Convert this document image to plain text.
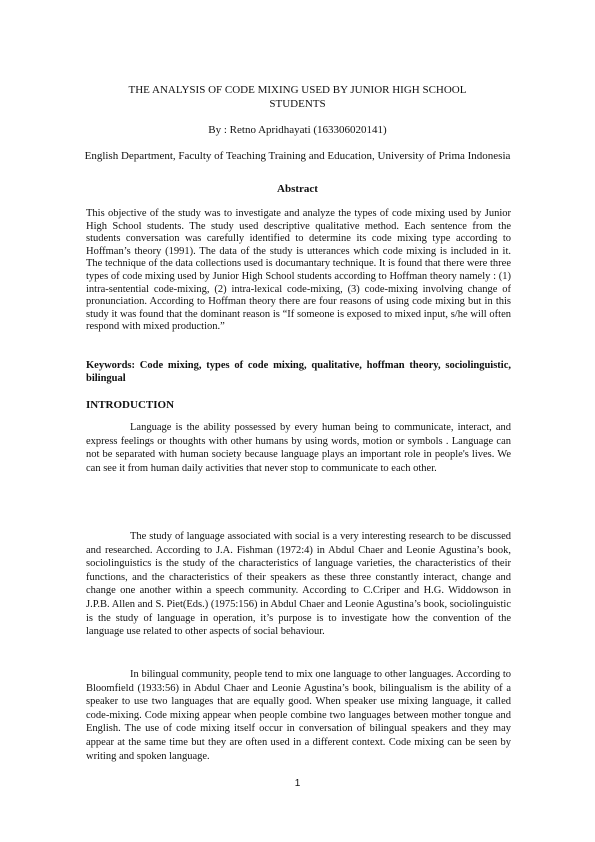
THE ANALYSIS OF CODE MIXING USED BY JUNIOR HIGH SCHOOL STUDENTS
By : Retno Apridhayati (163306020141)
English Department, Faculty of Teaching Training and Education, University of Prima Indonesia
Abstract
This objective of the study was to investigate and analyze the types of code mixing used by Junior High School students. The study used descriptive qualitative method. Each sentence from the students conversation was carefully identified to determine its code mixing type according to Hoffman’s theory (1991). The data of the study is utterances which code mixing is included in it. The technique of the data collections used is documantary technique. It is found that there were three types of code mixing used by Junior High School students according to Hoffman theory namely : (1) intra-sentential code-mixing, (2) intra-lexical code-mixing, (3) code-mixing involving change of pronunciation. According to Hoffman theory there are four reasons of using code mixing but in this study it was found that the dominant reason is “If someone is exposed to mixed input, s/he will often respond with mixed production.”
Keywords: Code mixing, types of code mixing, qualitative, hoffman theory, sociolinguistic, bilingual
INTRODUCTION
Language is the ability possessed by every human being to communicate, interact, and express feelings or thoughts with other humans by using words, motion or symbols . Language can not be separated with human society because language plays an important role in people's lives. We can see it from human daily activities that never stop to communicate to each other.
The study of language associated with social is a very interesting research to be discussed and researched. According to J.A. Fishman (1972:4) in Abdul Chaer and Leonie Agustina’s book, sociolinguistics is the study of the characteristics of language varieties, the characteristics of their functions, and the characteristics of their speakers as these three constantly interact, change and change one another within a speech community. According to C.Criper and H.G. Widdowson in J.P.B. Allen and S. Piet(Eds.) (1975:156) in Abdul Chaer and Leonie Agustina’s book, sociolinguistic is the study of language in operation, it’s purpose is to investigate how the convention of the language use related to other aspects of social behaviour.
In bilingual community, people tend to mix one language to other languages. According to Bloomfield (1933:56) in Abdul Chaer and Leonie Agustina’s book, bilingualism is the ability of a speaker to use two languages that are equally good. When speaker use mixing language, it called code-mixing. Code mixing appear when people combine two languages between mother tongue and English. The use of code mixing itself occur in conversation of bilingual speakers and they may appear at the same time but they are often used in a different context. Code mixing can be seen by writing and spoken language.
1
